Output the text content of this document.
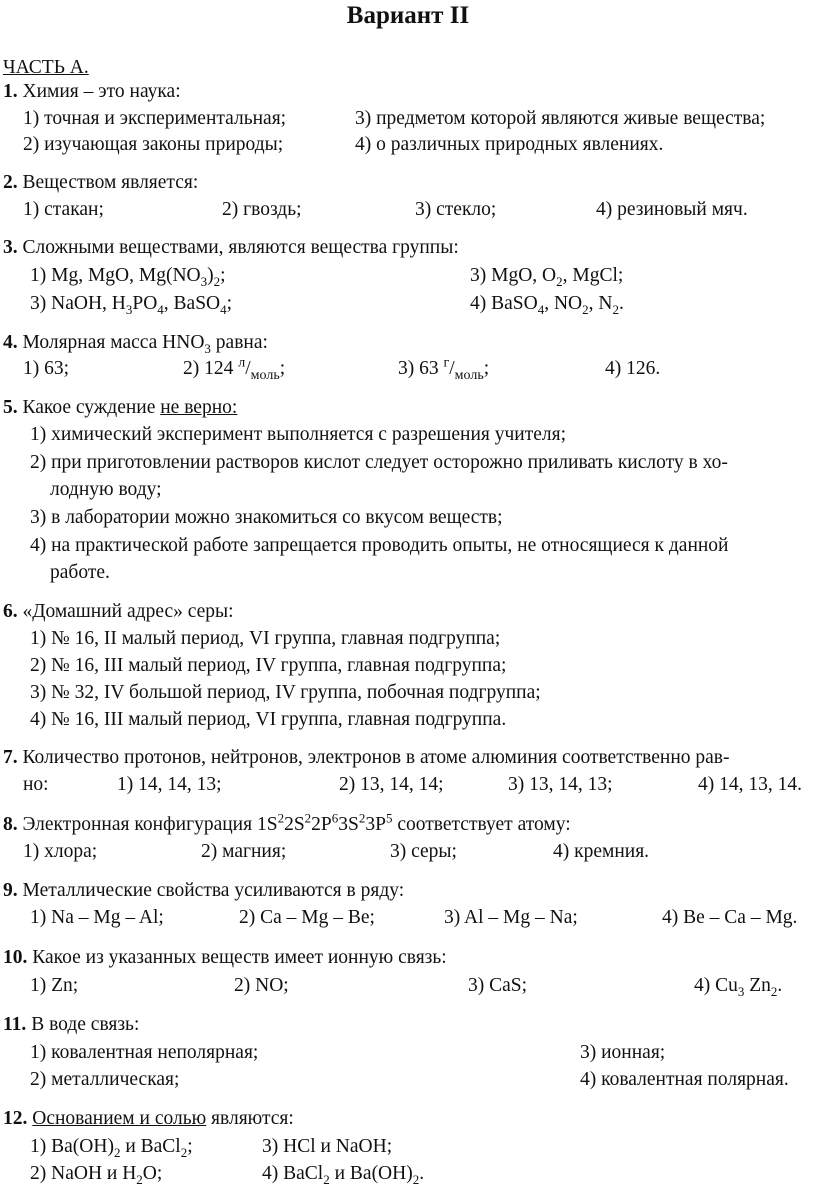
Вариант II
ЧАСТЬ А.
1. Химия – это наука:
1) точная и экспериментальная;	3) предметом которой являются живые вещества;
2) изучающая законы природы;	4) о различных природных явлениях.
2. Веществом является:
1) стакан;	2) гвоздь;	3) стекло;	4) резиновый мяч.
3. Сложными веществами, являются вещества группы:
1) Mg, MgO, $Mg(NO_3)_2$;	3) MgO, $O_2$, MgCl;
3) NaOH, $H_3PO_4$, BaSO$_4$;	4) BaSO$_4$, $NO_2$, $N_2$.
4. Молярная масса $HNO_3$ равна:
1) 63;	2) 124 $^л/_{моль}$;	3) 63 $^г/_{моль}$;	4) 126.
5. Какое суждение не верно:
1) химический эксперимент выполняется с разрешения учителя;
2) при приготовлении растворов кислот следует осторожно приливать кислоту в хо-
лодную воду;
3) в лаборатории можно знакомиться со вкусом веществ;
4) на практической работе запрещается проводить опыты, не относящиеся к данной
работе.
6. «Домашний адрес» серы:
1) № 16, II малый период, VI группа, главная подгруппа;
2) № 16, III малый период, IV группа, главная подгруппа;
3) № 32, IV большой период, IV группа, побочная подгруппа;
4) № 16, III малый период, VI группа, главная подгруппа.
7. Количество протонов, нейтронов, электронов в атоме алюминия соответственно рав-
но:	1) 14, 14, 13;	2) 13, 14, 14;	3) 13, 14, 13;	4) 14, 13, 14.
8. Электронная конфигурация $1S^22S^22P^63S^23P^5$ соответствует атому:
1) хлора;	2) магния;	3) серы;	4) кремния.
9. Металлические свойства усиливаются в ряду:
1) Na – Mg – Al;	2) Ca – Mg – Be;	3) Al – Mg – Na;	4) Be – Ca – Mg.
10. Какое из указанных веществ имеет ионную связь:
1) Zn;	2) NO;	3) CaS;	4) $Cu_3$ $Zn_2$.
11. В воде связь:
1) ковалентная неполярная;	3) ионная;
2) металлическая;	4) ковалентная полярная.
12. Основанием и солью являются:
1) $Ba(OH)_2$ и BaCl$_2$;	3) HCl и NaOH;
2) NaOH и $H_2O$;	4) BaCl$_2$ и $Ba(OH)_2$.
